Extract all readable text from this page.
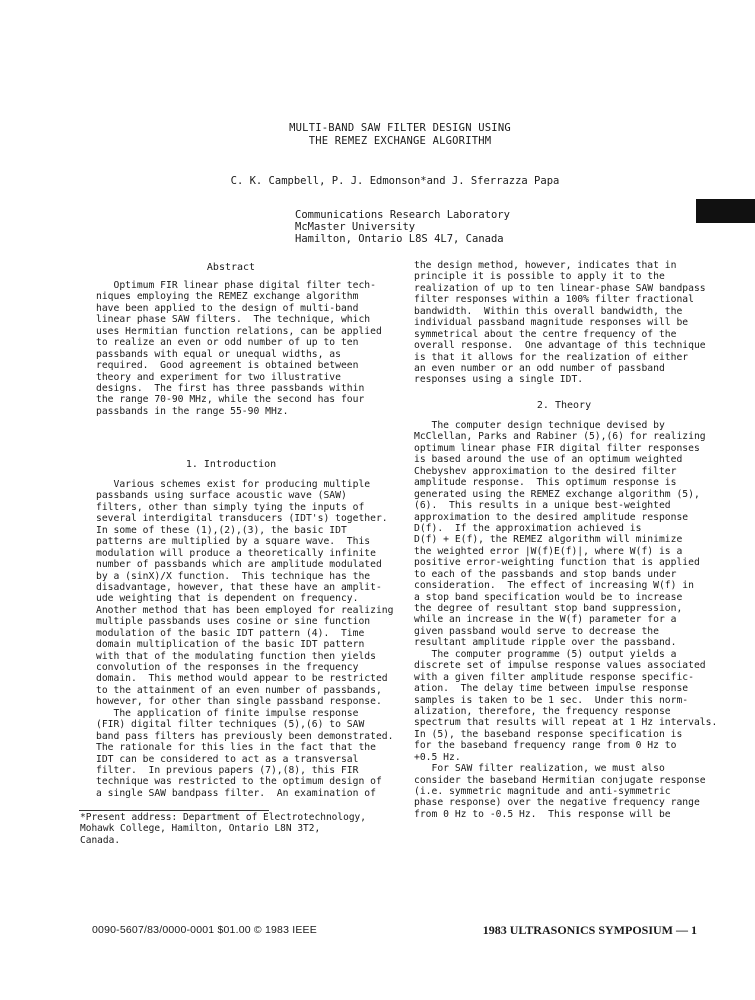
MULTI-BAND SAW FILTER DESIGN USING
THE REMEZ EXCHANGE ALGORITHM
C. K. Campbell, P. J. Edmonson*and J. Sferrazza Papa
Communications Research Laboratory
McMaster University
Hamilton, Ontario L8S 4L7, Canada
Abstract
Optimum FIR linear phase digital filter tech-
niques employing the REMEZ exchange algorithm
have been applied to the design of multi-band
linear phase SAW filters.  The technique, which
uses Hermitian function relations, can be applied
to realize an even or odd number of up to ten
passbands with equal or unequal widths, as
required.  Good agreement is obtained between
theory and experiment for two illustrative
designs.  The first has three passbands within
the range 70-90 MHz, while the second has four
passbands in the range 55-90 MHz.
1. Introduction
Various schemes exist for producing multiple
passbands using surface acoustic wave (SAW)
filters, other than simply tying the inputs of
several interdigital transducers (IDT's) together.
In some of these (1),(2),(3), the basic IDT
patterns are multiplied by a square wave.  This
modulation will produce a theoretically infinite
number of passbands which are amplitude modulated
by a (sinX)/X function.  This technique has the
disadvantage, however, that these have an amplit-
ude weighting that is dependent on frequency.
Another method that has been employed for realizing
multiple passbands uses cosine or sine function
modulation of the basic IDT pattern (4).  Time
domain multiplication of the basic IDT pattern
with that of the modulating function then yields
convolution of the responses in the frequency
domain.  This method would appear to be restricted
to the attainment of an even number of passbands,
however, for other than single passband response.
The application of finite impulse response
(FIR) digital filter techniques (5),(6) to SAW
band pass filters has previously been demonstrated.
The rationale for this lies in the fact that the
IDT can be considered to act as a transversal
filter.  In previous papers (7),(8), this FIR
technique was restricted to the optimum design of
a single SAW bandpass filter.  An examination of
the design method, however, indicates that in
principle it is possible to apply it to the
realization of up to ten linear-phase SAW bandpass
filter responses within a 100% filter fractional
bandwidth.  Within this overall bandwidth, the
individual passband magnitude responses will be
symmetrical about the centre frequency of the
overall response.  One advantage of this technique
is that it allows for the realization of either
an even number or an odd number of passband
responses using a single IDT.
2. Theory
The computer design technique devised by
McClellan, Parks and Rabiner (5),(6) for realizing
optimum linear phase FIR digital filter responses
is based around the use of an optimum weighted
Chebyshev approximation to the desired filter
amplitude response.  This optimum response is
generated using the REMEZ exchange algorithm (5),
(6).  This results in a unique best-weighted
approximation to the desired amplitude response
D(f).  If the approximation achieved is
D(f) + E(f), the REMEZ algorithm will minimize
the weighted error |W(f)E(f)|, where W(f) is a
positive error-weighting function that is applied
to each of the passbands and stop bands under
consideration.  The effect of increasing W(f) in
a stop band specification would be to increase
the degree of resultant stop band suppression,
while an increase in the W(f) parameter for a
given passband would serve to decrease the
resultant amplitude ripple over the passband.
The computer programme (5) output yields a
discrete set of impulse response values associated
with a given filter amplitude response specific-
ation.  The delay time between impulse response
samples is taken to be 1 sec.  Under this norm-
alization, therefore, the frequency response
spectrum that results will repeat at 1 Hz intervals.
In (5), the baseband response specification is
for the baseband frequency range from 0 Hz to
+0.5 Hz.
For SAW filter realization, we must also
consider the baseband Hermitian conjugate response
(i.e. symmetric magnitude and anti-symmetric
phase response) over the negative frequency range
from 0 Hz to -0.5 Hz.  This response will be
*Present address: Department of Electrotechnology,
Mohawk College, Hamilton, Ontario L8N 3T2,
Canada.
0090-5607/83/0000-0001 $01.00 © 1983 IEEE	1983 ULTRASONICS SYMPOSIUM — 1
